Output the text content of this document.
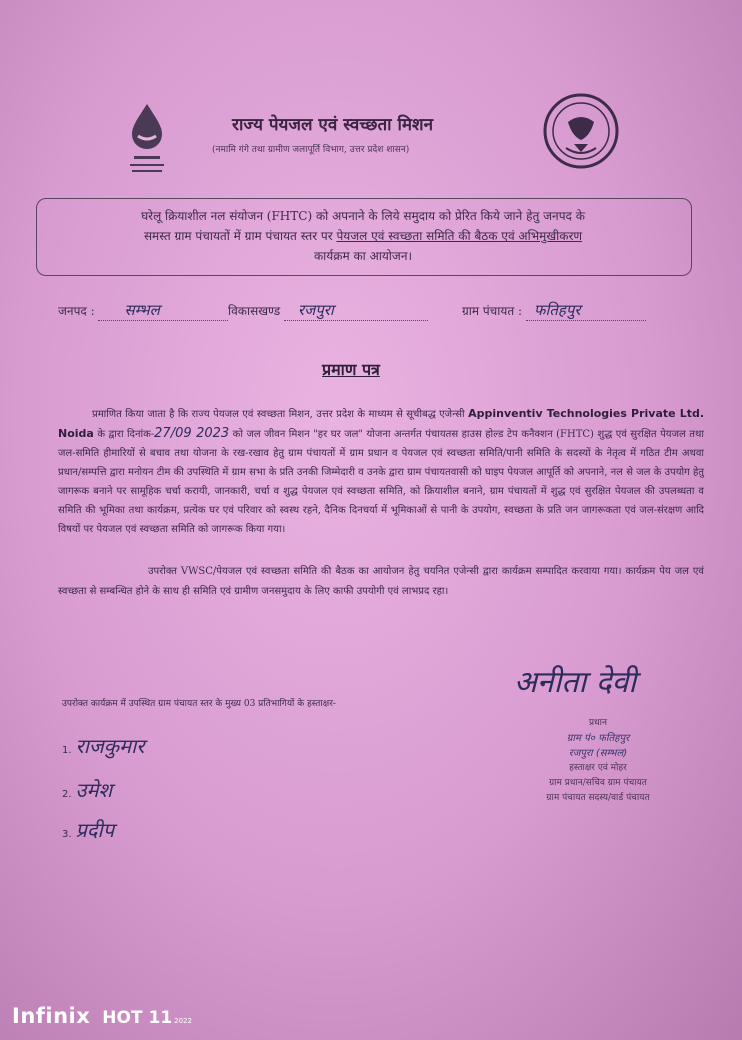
राज्य पेयजल एवं स्वच्छता मिशन
(नमामि गंगे तथा ग्रामीण जलापूर्ति विभाग, उत्तर प्रदेश शासन)
घरेलू क्रियाशील नल संयोजन (FHTC) को अपनाने के लिये समुदाय को प्रेरित किये जाने हेतु जनपद के
समस्त ग्राम पंचायतों में ग्राम पंचायत स्तर पर पेयजल एवं स्वच्छता समिति की बैठक एवं अभिमुखीकरण
कार्यक्रम का आयोजन।
जनपद : सम्भल	विकासखण्ड रजपुरा	ग्राम पंचायत : फतिहपुर
प्रमाण पत्र
प्रमाणित किया जाता है कि राज्य पेयजल एवं स्वच्छता मिशन, उत्तर प्रदेश के माध्यम से सूचीबद्ध एजेन्सी Appinventiv Technologies Private Ltd. Noida के द्वारा दिनांक-27/09 2023 को जल जीवन मिशन "हर घर जल" योजना अन्तर्गत पंचायतस हाउस होल्ड टेप कनैक्शन (FHTC) शुद्ध एवं सुरक्षित पेयजल तथा जल-समिति हीमारियों से बचाव तथा योजना के रख-रखाव हेतु ग्राम पंचायतों में ग्राम प्रधान व पेयजल एवं स्वच्छता समिति/पानी समिति के सदस्यों के नेतृत्व में गठित टीम अथवा प्रधान/सम्पत्ति द्वारा मनोयन टीम की उपस्थिति में ग्राम सभा के प्रति उनकी जिम्मेदारी व उनके द्वारा ग्राम पंचायतवासी को घाइप पेयजल आपूर्ति को अपनाने, नल से जल के उपयोग हेतु जागरूक बनाने पर सामूहिक चर्चा करायी, जानकारी, चर्चा व शुद्ध पेयजल एवं स्वच्छता समिति, को क्रियाशील बनाने, ग्राम पंचायतों में शुद्ध एवं सुरक्षित पेयजल की उपलब्धता व समिति की भूमिका तथा कार्यक्रम, प्रत्येक घर एवं परिवार को स्वस्थ रहने, दैनिक दिनचर्या में भूमिकाओं से पानी के उपयोग, स्वच्छता के प्रति जन जागरूकता एवं जल-संरक्षण आदि विषयों पर पेयजल एवं स्वच्छता समिति को जागरूक किया गया।
उपरोक्त VWSC/पेयजल एवं स्वच्छता समिति की बैठक का आयोजन हेतु चयनित एजेन्सी द्वारा कार्यक्रम सम्पादित करवाया गया। कार्यक्रम पेय जल एवं स्वच्छता से सम्बन्धित होने के साथ ही समिति एवं ग्रामीण जनसमुदाय के लिए काफी उपयोगी एवं लाभप्रद रहा।
उपरोक्त कार्यक्रम में उपस्थित ग्राम पंचायत स्तर के मुख्य 03 प्रतिभागियों के हस्ताक्षर-
1. राजकुमार
2. उमेश
3. प्रदीप
अनीता देवी
प्रधान
ग्राम पं० फतिहपुर
रजपुरा (सम्भल)
हस्ताक्षर एवं मोहर
ग्राम प्रधान/सचिव ग्राम पंचायत
ग्राम पंचायत सदस्य/वार्ड पंचायत
Infinix HOT 11 2022
